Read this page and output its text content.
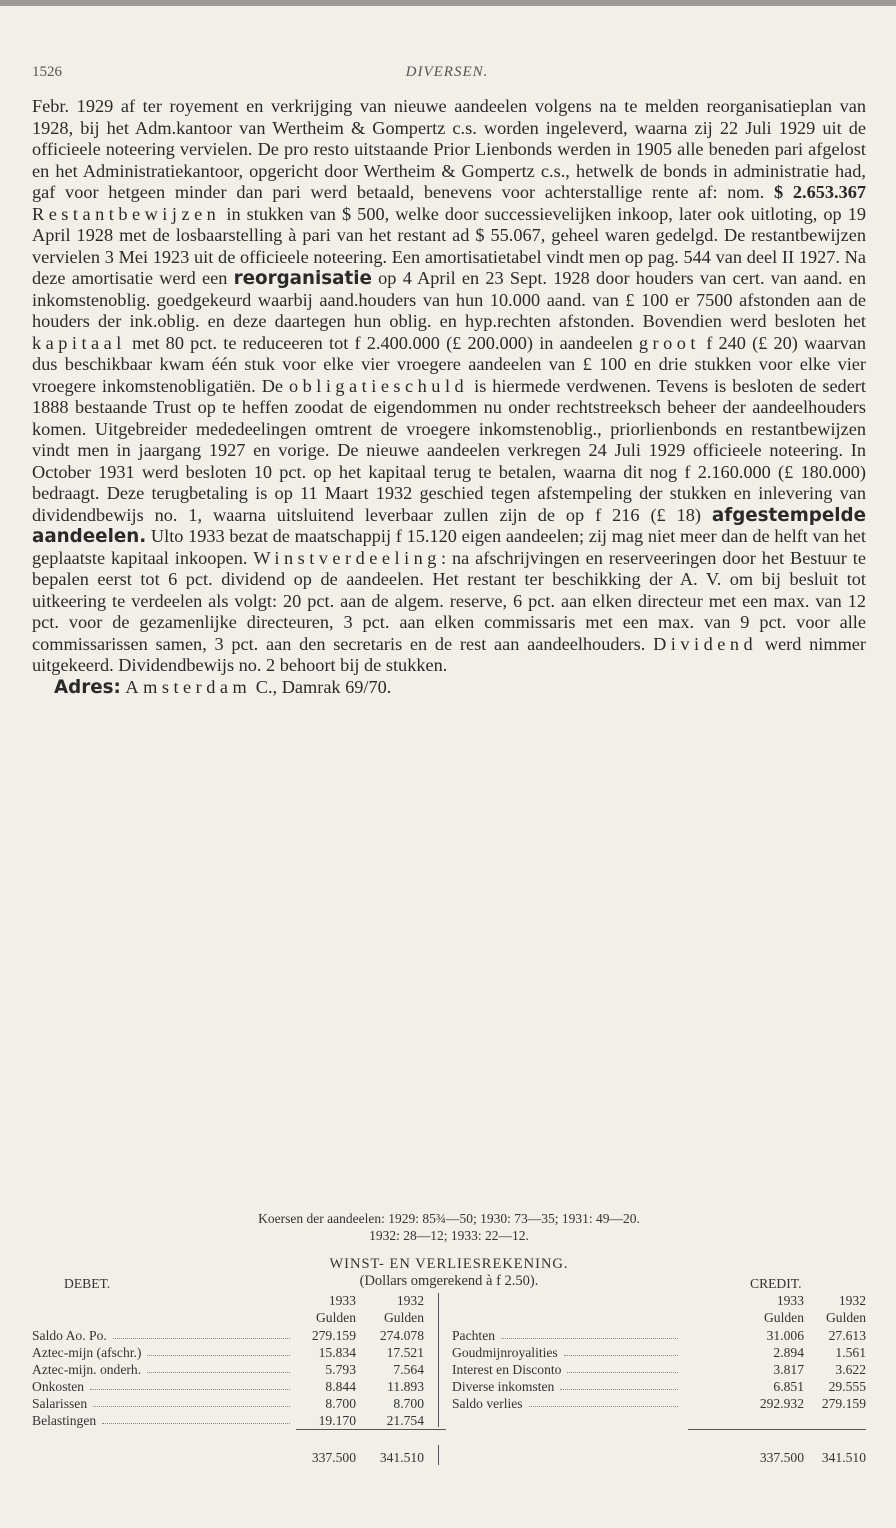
1526	DIVERSEN.

Febr. 1929 af ter royement en verkrijging van nieuwe aandeelen volgens na te melden reorganisatieplan van 1928, bij het Adm.kantoor van Wertheim & Gompertz c.s. worden ingeleverd, waarna zij 22 Juli 1929 uit de officieele noteering vervielen. De pro resto uitstaande Prior Lienbonds werden in 1905 alle beneden pari afgelost en het Administratiekantoor, opgericht door Wertheim & Gompertz c.s., hetwelk de bonds in administratie had, gaf voor hetgeen minder dan pari werd betaald, benevens voor achterstallige rente af: nom. $ 2.653.367 Restantbewijzen in stukken van $ 500, welke door successievelijken inkoop, later ook uitloting, op 19 April 1928 met de losbaarstelling à pari van het restant ad $ 55.067, geheel waren gedelgd. De restantbewijzen vervielen 3 Mei 1923 uit de officieele noteering. Een amortisatietabel vindt men op pag. 544 van deel II 1927. Na deze amortisatie werd een reorganisatie op 4 April en 23 Sept. 1928 door houders van cert. van aand. en inkomstenoblig. goedgekeurd waarbij aand.houders van hun 10.000 aand. van £ 100 er 7500 afstonden aan de houders der ink.oblig. en deze daartegen hun oblig. en hyp.rechten afstonden. Bovendien werd besloten het kapitaal met 80 pct. te reduceeren tot f 2.400.000 (£ 200.000) in aandeelen groot f 240 (£ 20) waarvan dus beschikbaar kwam één stuk voor elke vier vroegere aandeelen van £ 100 en drie stukken voor elke vier vroegere inkomstenobligatiën. De obligatieschuld is hiermede verdwenen. Tevens is besloten de sedert 1888 bestaande Trust op te heffen zoodat de eigendommen nu onder rechtstreeksch beheer der aandeelhouders komen. Uitgebreider mededeelingen omtrent de vroegere inkomstenoblig., priorlienbonds en restantbewijzen vindt men in jaargang 1927 en vorige. De nieuwe aandeelen verkregen 24 Juli 1929 officieele noteering. In October 1931 werd besloten 10 pct. op het kapitaal terug te betalen, waarna dit nog f 2.160.000 (£ 180.000) bedraagt. Deze terugbetaling is op 11 Maart 1932 geschied tegen afstempeling der stukken en inlevering van dividendbewijs no. 1, waarna uitsluitend leverbaar zullen zijn de op f 216 (£ 18) afgestempelde aandeelen. Ulto 1933 bezat de maatschappij f 15.120 eigen aandeelen; zij mag niet meer dan de helft van het geplaatste kapitaal inkoopen. Winstverdeeling: na afschrijvingen en reserveeringen door het Bestuur te bepalen eerst tot 6 pct. dividend op de aandeelen. Het restant ter beschikking der A. V. om bij besluit tot uitkeering te verdeelen als volgt: 20 pct. aan de algem. reserve, 6 pct. aan elken directeur met een max. van 12 pct. voor de gezamenlijke directeuren, 3 pct. aan elken commissaris met een max. van 9 pct. voor alle commissarissen samen, 3 pct. aan den secretaris en de rest aan aandeelhouders. Dividend werd nimmer uitgekeerd. Dividendbewijs no. 2 behoort bij de stukken.

Adres: Amsterdam C., Damrak 69/70.

Koersen der aandeelen: 1929: 85¾—50; 1930: 73—35; 1931: 49—20.
1932: 28—12; 1933: 22—12.
WINST- EN VERLIESREKENING.
(Dollars omgerekend à f 2.50).
DEBET.	CREDIT.
1933	1932	1933	1932
Gulden	Gulden	Gulden	Gulden
Saldo Ao. Po.	279.159	274.078
Aztec-mijn (afschr.)	15.834	17.521
Aztec-mijn. onderh.	5.793	7.564
Onkosten	8.844	11.893
Salarissen	8.700	8.700
Belastingen	19.170	21.754
Pachten	31.006	27.613
Goudmijnroyalities	2.894	1.561
Interest en Disconto	3.817	3.622
Diverse inkomsten	6.851	29.555
Saldo verlies	292.932	279.159
337.500	341.510	337.500	341.510
